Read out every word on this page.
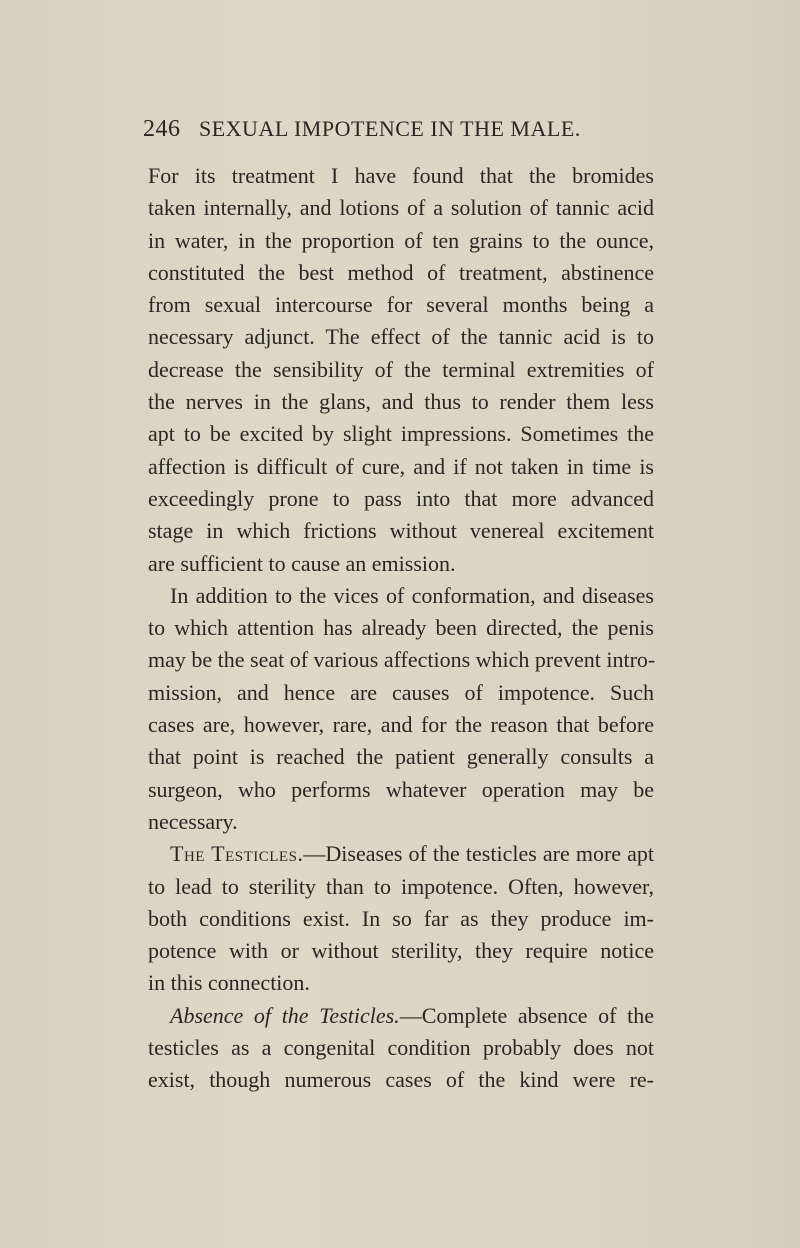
246 SEXUAL IMPOTENCE IN THE MALE.
For its treatment I have found that the bromides
taken internally, and lotions of a solution of tannic acid
in water, in the proportion of ten grains to the ounce,
constituted the best method of treatment, abstinence
from sexual intercourse for several months being a
necessary adjunct. The effect of the tannic acid is to
decrease the sensibility of the terminal extremities of
the nerves in the glans, and thus to render them less
apt to be excited by slight impressions. Sometimes the
affection is difficult of cure, and if not taken in time is
exceedingly prone to pass into that more advanced
stage in which frictions without venereal excitement
are sufficient to cause an emission.
In addition to the vices of conformation, and diseases
to which attention has already been directed, the penis
may be the seat of various affections which prevent intro-
mission, and hence are causes of impotence. Such
cases are, however, rare, and for the reason that before
that point is reached the patient generally consults a
surgeon, who performs whatever operation may be
necessary.
The Testicles.—Diseases of the testicles are more apt
to lead to sterility than to impotence. Often, however,
both conditions exist. In so far as they produce im-
potence with or without sterility, they require notice
in this connection.
Absence of the Testicles.—Complete absence of the
testicles as a congenital condition probably does not
exist, though numerous cases of the kind were re-
